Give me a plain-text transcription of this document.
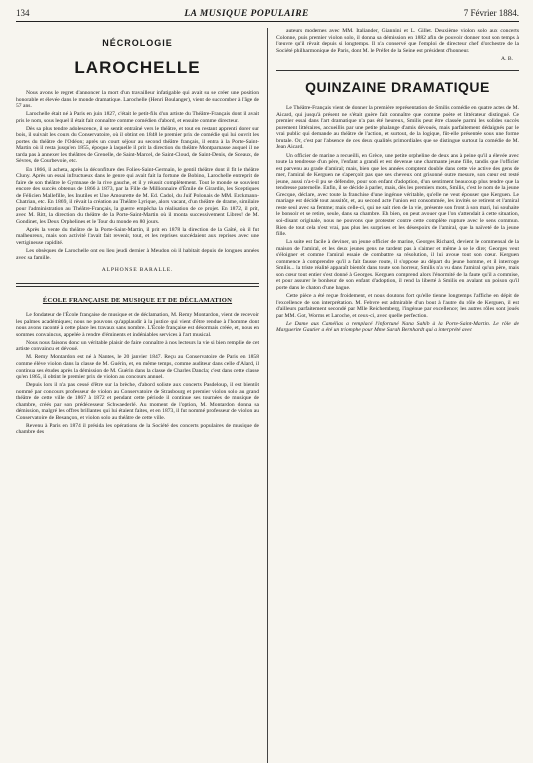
134	LA MUSIQUE POPULAIRE	7 Février 1884.
NÉCROLOGIE
LAROCHELLE

Nous avons le regret d'annoncer la mort d'un travailleur infatigable qui avait su se créer une position honorable et élevée dans le monde dramatique. Larochelle (Henri Boulanger), vient de succomber à l'âge de 57 ans.

Larochelle était né à Paris en juin 1827, c'était le petit-fils d'un artiste du Théâtre-Français dont il avait pris le nom, sous lequel il était fait connaître comme comédien d'abord, et ensuite comme directeur.

Dès sa plus tendre adolescence, il se sentit entraîné vers le théâtre, et tout en restant apprenti dorer sur bois, il suivait les cours du Conservatoire, où il obtint en 1848 le premier prix de comédie qui lui ouvrit les portes du théâtre de l'Odéon; après un court séjour au second théâtre français, il entra à la Porte-Saint-Martin où il resta jusqu'en 1855, époque à laquelle il prit la direction du théâtre Montparnasse auquel il ne tarda pas à annexer les théâtres de Grenelle, de Saint-Marcel, de Saint-Cloud, de Saint-Denis, de Sceaux, de Sèvres, de Courbevoie, etc.

En 1866, il acheta, après la déconfiture des Folies-Saint-Germain, le gentil théâtre dont il fit le théâtre Cluny. Après un essai infructueux dans le genre qui avait fait la fortune de Bobino, Larochelle entreprit de faire de son théâtre le Gymnase de la rive gauche, et il y réussit complètement. Tout le monde se souvient encore des succès obtenus de 1866 à 1873, par la Fille de Millionnaire d'Émile de Girardin, les Sceptiques de Félicien Mallefille, les Inutiles et Une Amourette de M. Ed. Cadol, du Juif Polonais de MM. Erckmann-Chatrian, etc. En 1869, il rêvait la création au Théâtre Lyrique, alors vacant, d'un théâtre de drame, similaire pour l'administration au Théâtre-Français, la guerre empêcha la réalisation de ce projet. En 1872, il prit, avec M. Ritt, la direction du théâtre de la Porte-Saint-Martin où il monta successivement Libres! de M. Gondinet, les Deux Orphelines et le Tour du monde en 80 jours.

Après la vente du théâtre de la Porte-Saint-Martin, il prit en 1878 la direction de la Gaîté, où il fut malheureux, mais son activité l'avait fait revenir, tout, et les reprises succédaient aux reprises avec une vertigineuse rapidité.

Les obsèques de Larochelle ont eu lieu jeudi dernier à Meudon où il habitait depuis de longues années avec sa famille.

ALPHONSE BARALLE.
ÉCOLE FRANÇAISE DE MUSIQUE ET DE DÉCLAMATION

Le fondateur de l'École française de musique et de déclamation, M. Remy Montardon, vient de recevoir les palmes académiques; nous ne pouvons qu'applaudir à la justice qui vient d'être rendue à l'homme dont nous avons raconté à cette place les travaux sans nombre. L'École française est désormais créée, et, nous en sommes convaincus, appelée à rendre d'éminents et indéniables services à l'art musical.

Nous nous faisons donc un véritable plaisir de faire connaître à nos lecteurs la vie si bien remplie de cet artiste convaincu et dévoué.

M. Remy Montardon est né à Nantes, le 20 janvier 1847. Reçu au Conservatoire de Paris en 1858 comme élève violon dans la classe de M. Guérin, et, en même temps, comme auditeur dans celle d'Alard, il continua ses études après la démission de M. Guérin dans la classe de Charles Dancla; c'est dans cette classe qu'en 1865, il obtint le premier prix de violon au concours annuel.

Depuis lors il n'a pas cessé d'être sur la brèche, d'abord soliste aux concerts Pasdeloup, il est bientôt nommé par concours professeur de violon au Conservatoire de Strasbourg et premier violon solo au grand théâtre de cette ville de 1867 à 1872 et pendant cette période il continue ses tournées de musique de chambre, créés par son prédécesseur Schwaederlé. Au moment de l'option, M. Montardon donna sa démission, malgré les offres brillantes qui lui étaient faites, et en 1873, il fut nommé professeur de violon au Conservatoire de Besançon, et violon solo au théâtre de cette ville.

Revenu à Paris en 1874 il présida les opérations de la Société des concerts populaires de musique de chambre des

auteurs modernes avec MM. Italiander, Giannini et L. Gillet. Deuxième violon solo aux concerts Colonne, puis premier violon solo, il donna sa démission en 1882 afin de pouvoir donner tout son temps à l'œuvre qu'il rêvait depuis si longtemps. Il n'a conservé que l'emploi de directeur chef d'orchestre de la Société philharmonique de Paris, dont M. le Préfet de la Seine est président d'honneur.

A. B.
QUINZAINE DRAMATIQUE

Le Théâtre-Français vient de donner la première représentation de Smilis comédie en quatre actes de M. Aicard, qui jusqu'à présent ne s'était guère fait connaître que comme poète et littérateur distingué. Ce premier essai dans l'art dramatique n'a pas été heureux, Smilis peut être classée parmi les solides succès purement littéraires, accueillis par une petite phalange d'amis dévoués, mais parfaitement dédaignés par le vrai public qui demande au théâtre de l'action, et surtout, de la logique, fût-elle présentée sous une forme brutale. Or, c'est par l'absence de ces deux qualités primordiales que se distingue surtout la comédie de M. Jean Aicard.

Un officier de marine a recueilli, en Grèce, une petite orpheline de deux ans à peine qu'il a élevée avec toute la tendresse d'un père, l'enfant a grandi et est devenue une charmante jeune fille, tandis que l'officier est parvenu au grade d'amiral; mais, bien que les années comptent double dans cette vie active des gens de mer, l'amiral de Kerguen ne s'aperçoit pas que ses cheveux ont grisonné outre mesure, son cœur est resté jeune, aussi n'a-t-il pu se défendre, pour son enfant d'adoption, d'un sentiment beaucoup plus tendre que la tendresse paternelle. Enfin, il se décide à parler, mais, dès les premiers mots, Smilis, c'est le nom de la jeune Grecque, déclare, avec toute la franchise d'une ingénue véritable, qu'elle ne veut épouser que Kerguen. Le mariage est décidé tout aussitôt, et, au second acte l'union est consommée, les invités se retirent et l'amiral reste seul avec sa femme; mais celle-ci, qui ne sait rien de la vie, présente son front à son mari, lui souhaite le bonsoir et se retire, seule, dans sa chambre. Eh bien, on peut avouer que l'on s'attendait à cette situation, soi-disant originale, nous ne pouvons que protester contre cette complète rupture avec le sens commun. Rien de tout cela n'est vrai, pas plus les surprises et les désespoirs de l'amiral, que la naïveté de la jeune fille.

La suite est facile à deviner, un jeune officier de marine, Georges Richard, devient le commensal de la maison de l'amiral, et les deux jeunes gens ne tardent pas à s'aimer et même à se le dire; Georges veut s'éloigner et comme l'amiral essaie de combattre sa résolution, il lui avoue tout son cœur. Kerguen commence à comprendre qu'il a fait fausse route, il s'oppose au départ du jeune homme, et il interroge Smilis... la triste réalité apparaît bientôt dans toute son horreur, Smilis n'a vu dans l'amiral qu'un père, mais son cœur tout entier s'est donné à Georges. Kerguen comprend alors l'énormité de la faute qu'il a commise, et pour assurer le bonheur de son enfant d'adoption, il rend la liberté à Smilis en avalant un poison qu'il porte dans le chaton d'une bague.

Cette pièce a été reçue froidement, et nous doutons fort qu'elle tienne longtemps l'affiche en dépit de l'excellence de son interprétation. M. Febvre est admirable d'un bout à l'autre du rôle de Kerguen, il est d'ailleurs parfaitement secondé par Mlle Reichemberg, l'ingénue par excellence; les autres rôles sont joués par MM. Got, Worms et Laroche, et ceux-ci, avec quelle perfection.

Le Dame aux Camélias a remplacé l'infortuné Nana Sahib à la Porte-Saint-Martin. Le rôle de Marguerite Gautier a été un triomphe pour Mme Sarah Bernhardt qui a interprété avec
